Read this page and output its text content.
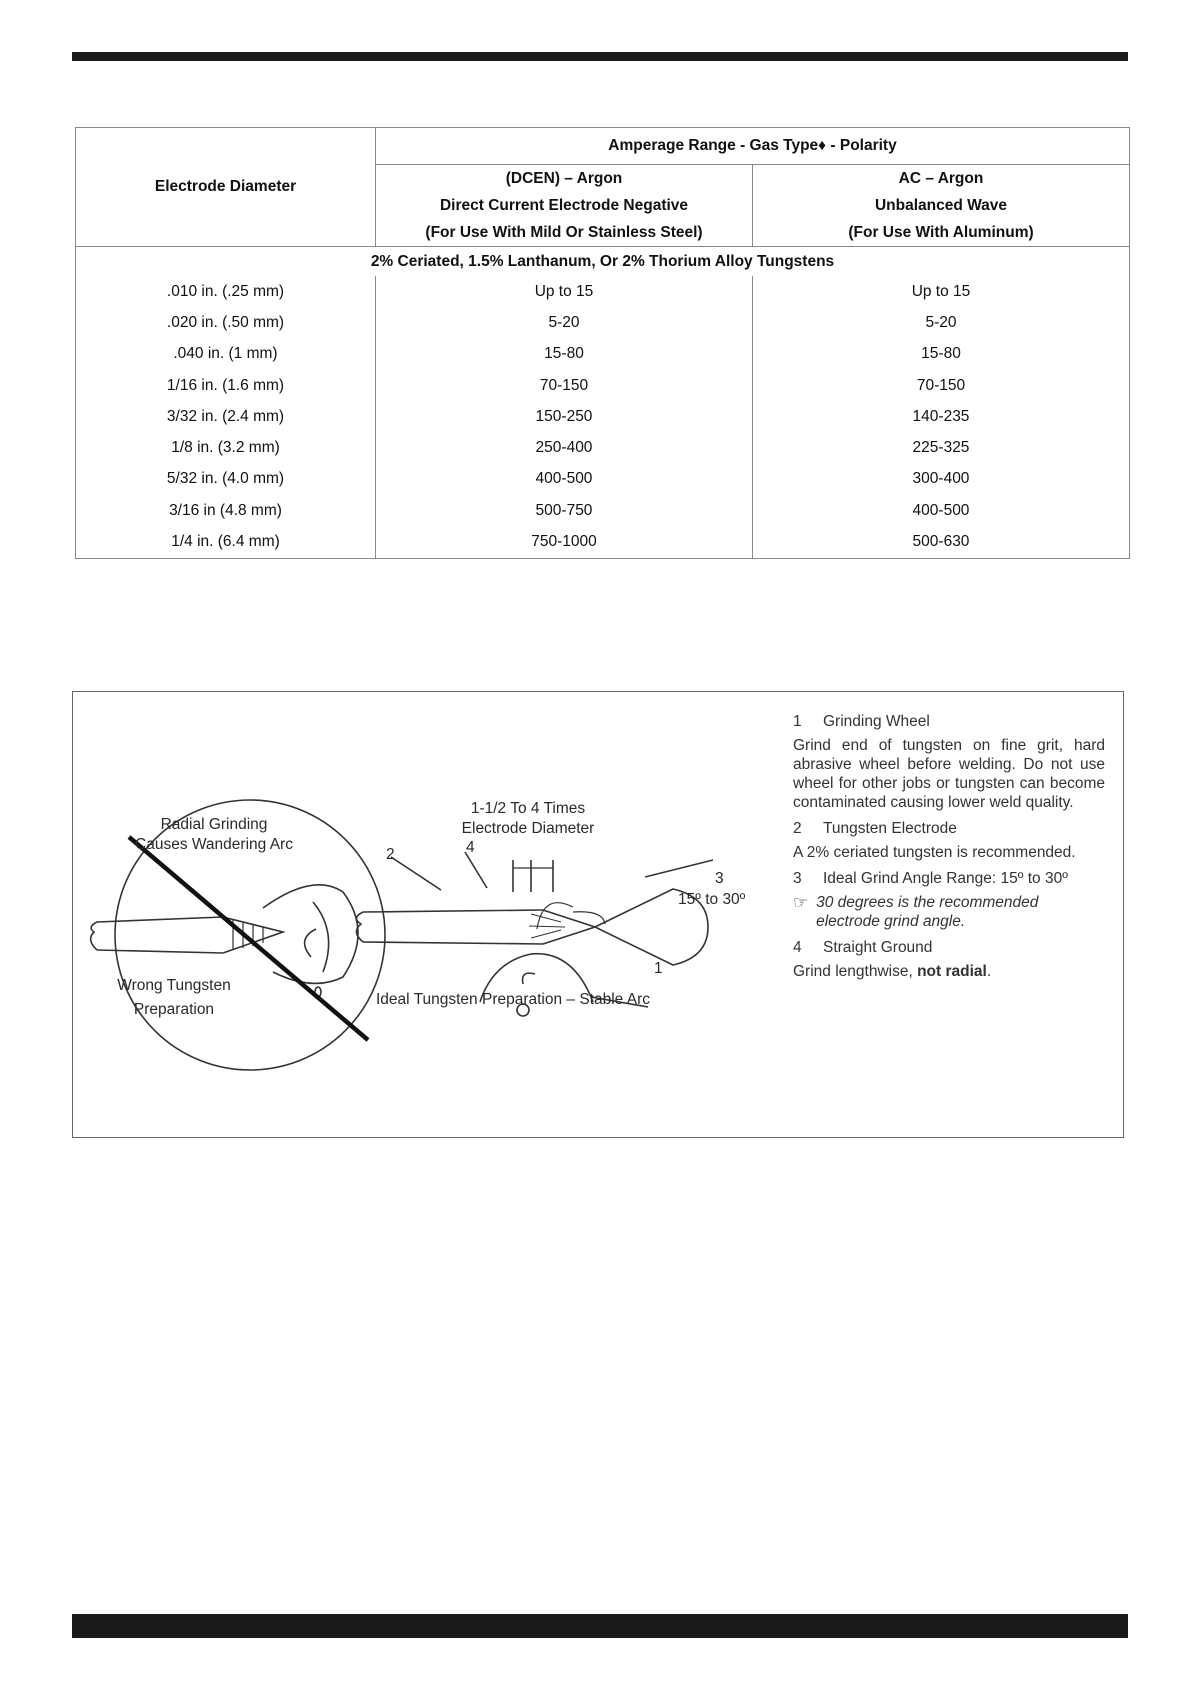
Electrode Diameter	Amperage Range - Gas Type♦ - Polarity	
	(DCEN) – Argon	AC – Argon
	Direct Current Electrode Negative	Unbalanced Wave
	(For Use With Mild Or Stainless Steel)	(For Use With Aluminum)
2% Ceriated, 1.5% Lanthanum, Or 2% Thorium Alloy Tungstens		
.010 in. (.25 mm)	Up to 15	Up to 15
.020 in. (.50 mm)	5-20	5-20
.040 in. (1 mm)	15-80	15-80
1/16 in. (1.6 mm)	70-150	70-150
3/32 in. (2.4 mm)	150-250	140-235
1/8 in. (3.2 mm)	250-400	225-325
5/32 in. (4.0 mm)	400-500	300-400
3/16 in (4.8 mm)	500-750	400-500
1/4 in. (6.4 mm)	750-1000	500-630
Radial Grinding
Causes Wandering Arc
Wrong Tungsten
Preparation
1-1/2 To 4 Times
Electrode Diameter
15º to 30º
1
2
3
4
Ideal Tungsten Preparation – Stable Arc
1	Grinding Wheel
Grind end of tungsten on fine grit, hard abrasive wheel before welding. Do not use wheel for other jobs or tungsten can become contaminated causing lower weld quality.
2	Tungsten Electrode
A 2% ceriated tungsten is recommended.
3	Ideal Grind Angle Range: 15º to 30º
☞ 30 degrees is the recommended electrode grind angle.
4	Straight Ground
Grind lengthwise, not radial.
